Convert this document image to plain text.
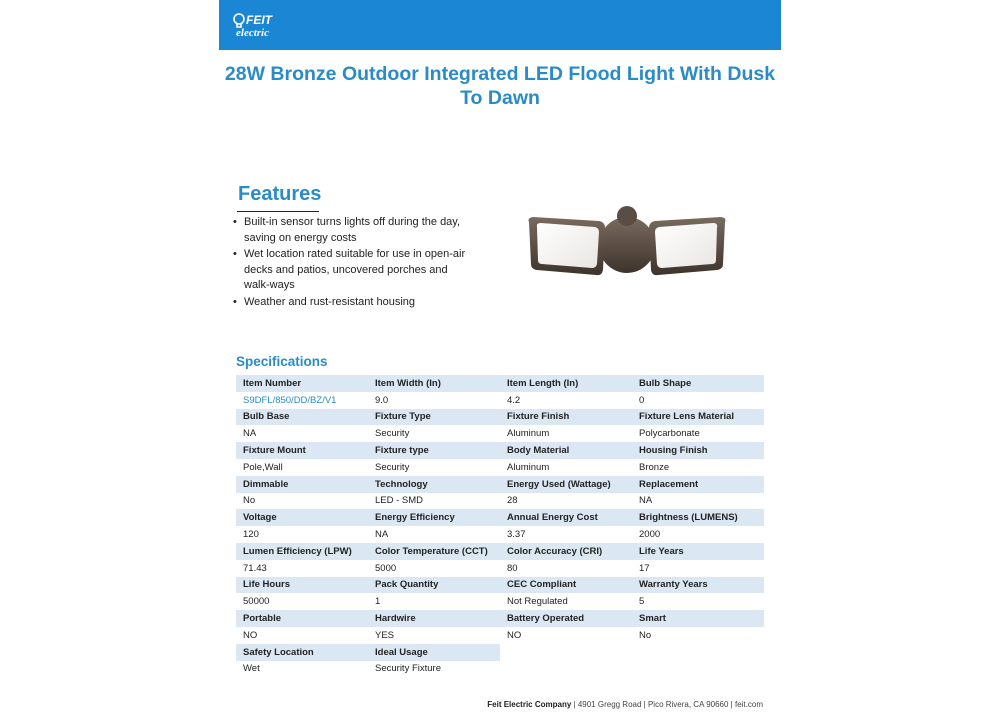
FEIT
electric
28W Bronze Outdoor Integrated LED Flood Light With Dusk To Dawn
Features
• Built-in sensor turns lights off during the day, saving on energy costs
• Wet location rated suitable for use in open-air decks and patios, uncovered porches and walk-ways
• Weather and rust-resistant housing
Specifications
Item Number	Item Width (In)	Item Length (In)	Bulb Shape
S9DFL/850/DD/BZ/V1	9.0	4.2	0
Bulb Base	Fixture Type	Fixture Finish	Fixture Lens Material
NA	Security	Aluminum	Polycarbonate
Fixture Mount	Fixture type	Body Material	Housing Finish
Pole,Wall	Security	Aluminum	Bronze
Dimmable	Technology	Energy Used (Wattage)	Replacement
No	LED - SMD	28	NA
Voltage	Energy Efficiency	Annual Energy Cost	Brightness (LUMENS)
120	NA	3.37	2000
Lumen Efficiency (LPW)	Color Temperature (CCT)	Color Accuracy (CRI)	Life Years
71.43	5000	80	17
Life Hours	Pack Quantity	CEC Compliant	Warranty Years
50000	1	Not Regulated	5
Portable	Hardwire	Battery Operated	Smart
NO	YES	NO	No
Safety Location	Ideal Usage		
Wet	Security Fixture		
Feit Electric Company | 4901 Gregg Road | Pico Rivera, CA 90660 | feit.com
